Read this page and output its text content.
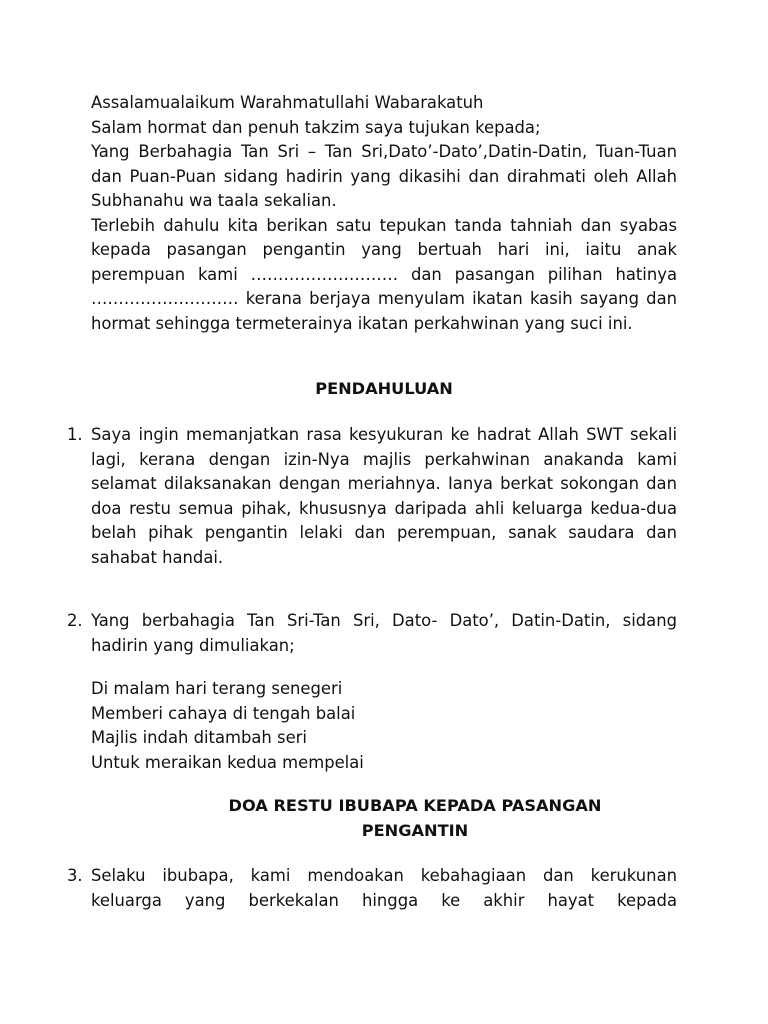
Assalamualaikum Warahmatullahi Wabarakatuh

Salam hormat dan penuh takzim saya tujukan kepada;

Yang Berbahagia Tan Sri – Tan Sri,Dato’-Dato’,Datin-Datin, Tuan-Tuan dan Puan-Puan sidang hadirin yang dikasihi dan dirahmati oleh Allah Subhanahu wa taala sekalian.

Terlebih dahulu kita berikan satu tepukan tanda tahniah dan syabas kepada pasangan pengantin yang bertuah hari ini, iaitu anak perempuan kami ……………………… dan pasangan pilihan hatinya ……………………… kerana berjaya menyulam ikatan kasih sayang dan hormat sehingga termeterainya ikatan perkahwinan yang suci ini.

PENDAHULUAN

1. Saya ingin memanjatkan rasa kesyukuran ke hadrat Allah SWT sekali lagi, kerana dengan izin-Nya majlis perkahwinan anakanda kami selamat dilaksanakan dengan meriahnya. Ianya berkat sokongan dan doa restu semua pihak, khususnya daripada ahli keluarga kedua-dua belah pihak pengantin lelaki dan perempuan, sanak saudara dan sahabat handai.

2. Yang berbahagia Tan Sri-Tan Sri, Dato- Dato’, Datin-Datin, sidang hadirin yang dimuliakan;

Di malam hari terang senegeri
Memberi cahaya di tengah balai
Majlis indah ditambah seri
Untuk meraikan kedua mempelai
DOA RESTU IBUBAPA KEPADA PASANGAN
PENGANTIN
3. Selaku ibubapa, kami mendoakan kebahagiaan dan kerukunan keluarga yang berkekalan hingga ke akhir hayat kepada
